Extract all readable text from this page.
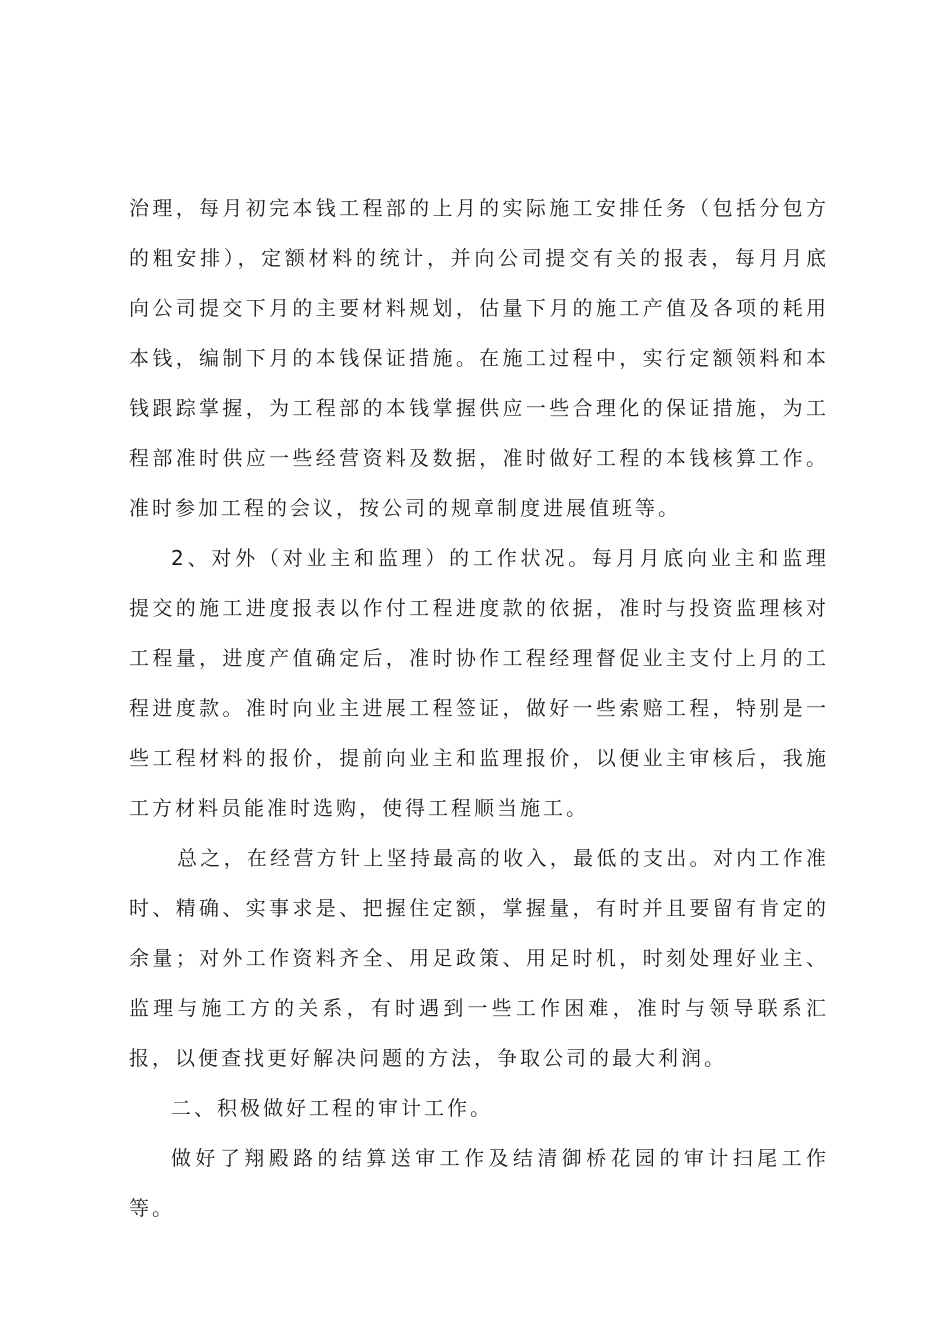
治理，每月初完本钱工程部的上月的实际施工安排任务（包括分包方的粗安排），定额材料的统计，并向公司提交有关的报表，每月月底向公司提交下月的主要材料规划，估量下月的施工产值及各项的耗用本钱，编制下月的本钱保证措施。在施工过程中，实行定额领料和本钱跟踪掌握，为工程部的本钱掌握供应一些合理化的保证措施，为工程部准时供应一些经营资料及数据，准时做好工程的本钱核算工作。准时参加工程的会议，按公司的规章制度进展值班等。

2、对外（对业主和监理）的工作状况。每月月底向业主和监理提交的施工进度报表以作付工程进度款的依据，准时与投资监理核对工程量，进度产值确定后，准时协作工程经理督促业主支付上月的工程进度款。准时向业主进展工程签证，做好一些索赔工程，特别是一些工程材料的报价，提前向业主和监理报价，以便业主审核后，我施工方材料员能准时选购，使得工程顺当施工。

总之，在经营方针上坚持最高的收入，最低的支出。对内工作准时、精确、实事求是、把握住定额，掌握量，有时并且要留有肯定的余量；对外工作资料齐全、用足政策、用足时机，时刻处理好业主、监理与施工方的关系，有时遇到一些工作困难，准时与领导联系汇报，以便查找更好解决问题的方法，争取公司的最大利润。

二、积极做好工程的审计工作。

做好了翔殿路的结算送审工作及结清御桥花园的审计扫尾工作等。
